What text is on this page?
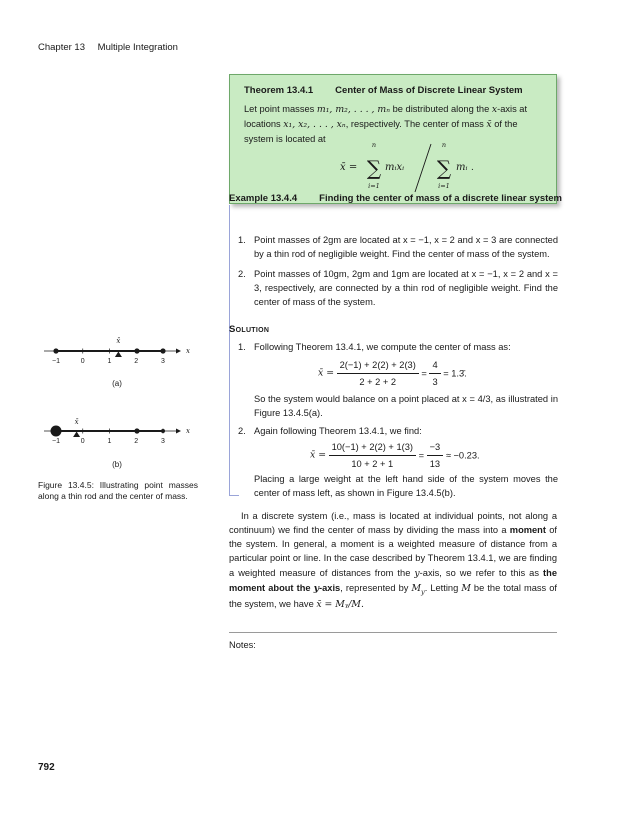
Chapter 13 Multiple Integration
Theorem 13.4.1 Center of Mass of Discrete Linear System
Let point masses m₁, m₂, . . . , mₙ be distributed along the x-axis at locations x₁, x₂, . . . , xₙ, respectively. The center of mass x̄ of the system is located at
x̄ =
n
∑
i=1
mᵢxᵢ
n
∑
i=1
mᵢ .
Example 13.4.4 Finding the center of mass of a discrete linear system
1. Point masses of 2gm are located at x = −1, x = 2 and x = 3 are connected by a thin rod of negligible weight. Find the center of mass of the system.
2. Point masses of 10gm, 2gm and 1gm are located at x = −1, x = 2 and x = 3, respectively, are connected by a thin rod of negligible weight. Find the center of mass of the system.
Solution
1. Following Theorem 13.4.1, we compute the center of mass as:
x̄ = $\frac{2(-1) + 2(2) + 2(3)}{2 + 2 + 2} = \frac{4}{3}$ = 1.3̄.
So the system would balance on a point placed at x = 4/3, as illustrated in Figure 13.4.5(a).
2. Again following Theorem 13.4.1, we find:
x̄ = $\frac{10(-1) + 2(2) + 1(3)}{10 + 2 + 1} = \frac{-3}{13} \approx -0.23$.
Placing a large weight at the left hand side of the system moves the center of mass left, as shown in Figure 13.4.5(b).
In a discrete system (i.e., mass is located at individual points, not along a continuum) we find the center of mass by dividing the mass into a moment of the system. In general, a moment is a weighted measure of distance from a particular point or line. In the case described by Theorem 13.4.1, we are finding a weighted measure of distances from the y-axis, so we refer to this as the moment about the y-axis, represented by $M_y$. Letting M be the total mass of the system, we have x̄ = Mᵧ/M.
Notes:
x
−1	0	1	2	3
x̄
(a)
x
−1	0	1	2	3
x̄
(b)
Figure 13.4.5: Illustrating point masses along a thin rod and the center of mass.
792
